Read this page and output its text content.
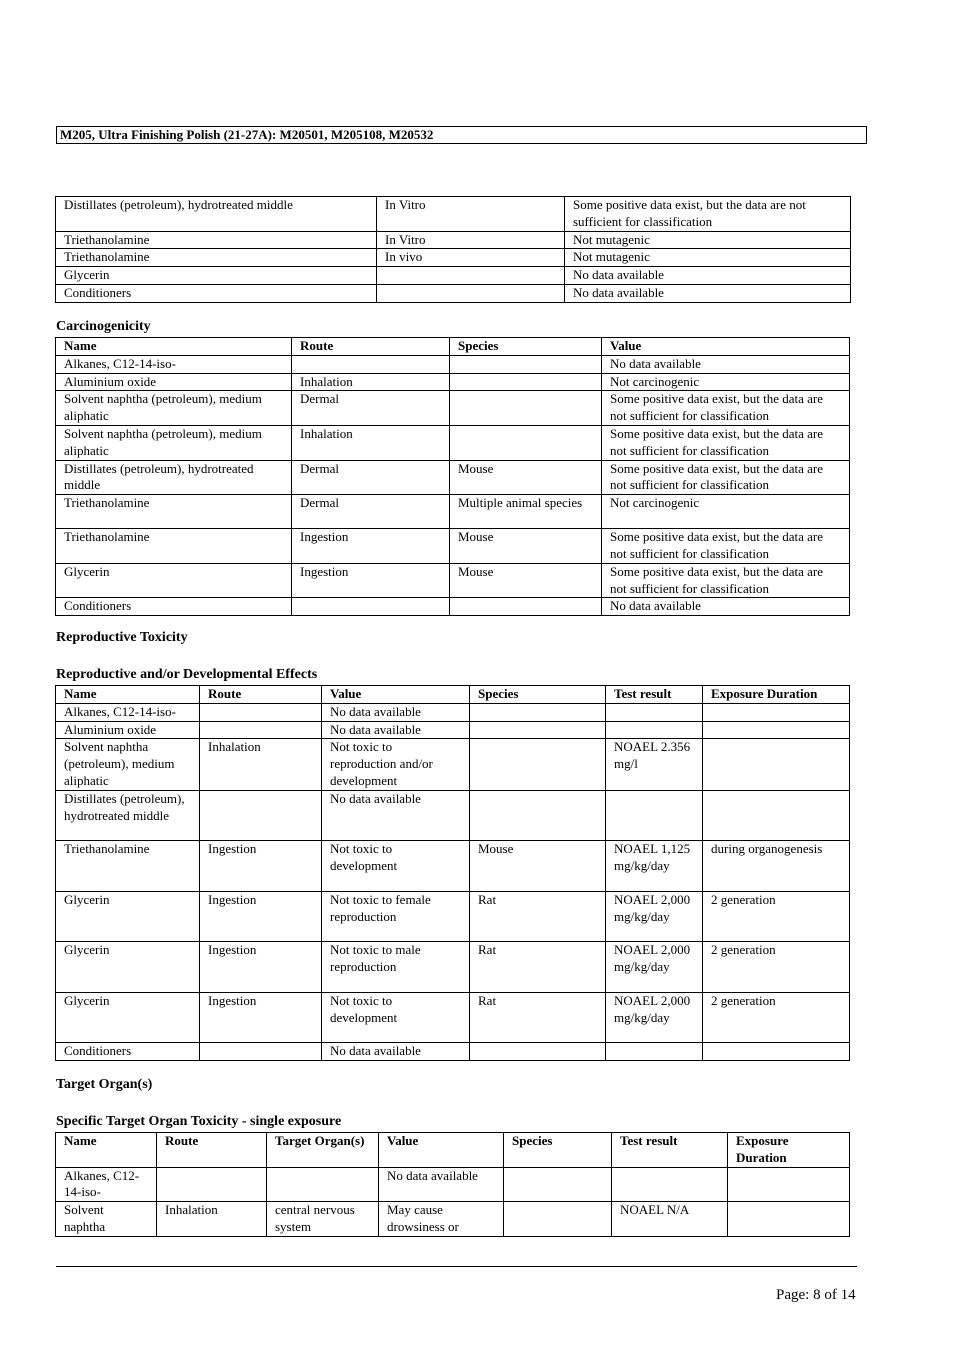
M205, Ultra Finishing Polish (21-27A): M20501, M205108, M20532
Distillates (petroleum), hydrotreated middle	In Vitro	Some positive data exist, but the data are not sufficient for classification
Triethanolamine	In Vitro	Not mutagenic
Triethanolamine	In vivo	Not mutagenic
Glycerin		No data available
Conditioners		No data available
Carcinogenicity
Name	Route	Species	Value
Alkanes, C12-14-iso-			No data available
Aluminium oxide	Inhalation		Not carcinogenic
Solvent naphtha (petroleum), medium aliphatic	Dermal		Some positive data exist, but the data are not sufficient for classification
Solvent naphtha (petroleum), medium aliphatic	Inhalation		Some positive data exist, but the data are not sufficient for classification
Distillates (petroleum), hydrotreated middle	Dermal	Mouse	Some positive data exist, but the data are not sufficient for classification
Triethanolamine	Dermal	Multiple animal species	Not carcinogenic
Triethanolamine	Ingestion	Mouse	Some positive data exist, but the data are not sufficient for classification
Glycerin	Ingestion	Mouse	Some positive data exist, but the data are not sufficient for classification
Conditioners			No data available
Reproductive Toxicity
Reproductive and/or Developmental Effects
Name	Route	Value	Species	Test result	Exposure Duration
Alkanes, C12-14-iso-		No data available			
Aluminium oxide		No data available			
Solvent naphtha (petroleum), medium aliphatic	Inhalation	Not toxic to reproduction and/or development		NOAEL 2.356 mg/l	
Distillates (petroleum), hydrotreated middle		No data available			
Triethanolamine	Ingestion	Not toxic to development	Mouse	NOAEL 1,125 mg/kg/day	during organogenesis
Glycerin	Ingestion	Not toxic to female reproduction	Rat	NOAEL 2,000 mg/kg/day	2 generation
Glycerin	Ingestion	Not toxic to male reproduction	Rat	NOAEL 2,000 mg/kg/day	2 generation
Glycerin	Ingestion	Not toxic to development	Rat	NOAEL 2,000 mg/kg/day	2 generation
Conditioners		No data available			
Target Organ(s)
Specific Target Organ Toxicity - single exposure
Name	Route	Target Organ(s)	Value	Species	Test result	Exposure Duration
Alkanes, C12-14-iso-			No data available			
Solvent naphtha	Inhalation	central nervous system	May cause drowsiness or		NOAEL N/A	
Page: 8 of 14
